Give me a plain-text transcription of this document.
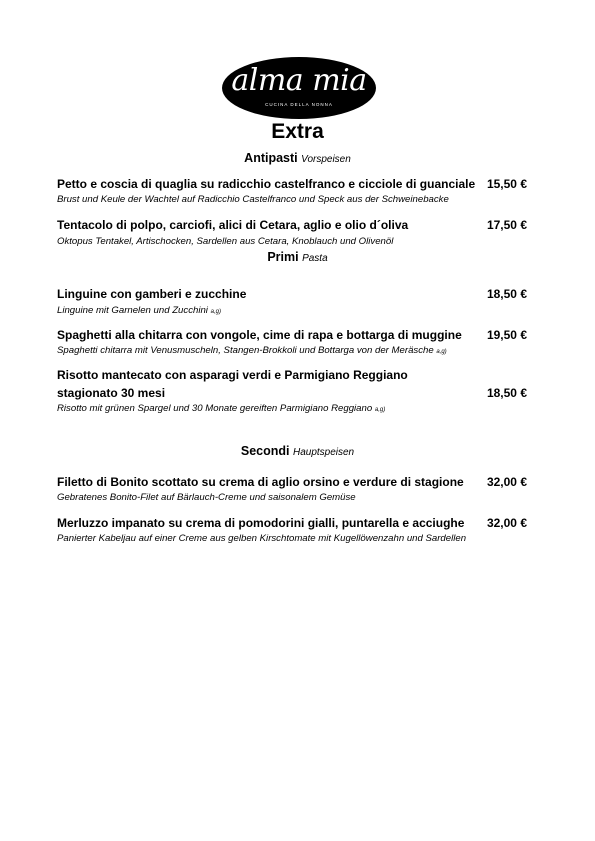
alma mia
CUCINA DELLA NONNA
Extra
Antipasti Vorspeisen
Petto e coscia di quaglia su radicchio castelfranco e cicciole di guanciale 15,50 €
Brust und Keule der Wachtel auf Radicchio Castelfranco und Speck aus der Schweinebacke
Tentacolo di polpo, carciofi, alici di Cetara, aglio e olio d´oliva	17,50 €
Oktopus Tentakel, Artischocken, Sardellen aus Cetara, Knoblauch und Olivenöl
Primi Pasta
Linguine con gamberi e zucchine	18,50 €
Linguine mit Garnelen und Zucchini a,g)
Spaghetti alla chitarra con vongole, cime di rapa e bottarga di muggine 19,50 €
Spaghetti chitarra mit Venusmuscheln, Stangen-Brokkoli und Bottarga von der Meräsche a,g)
Risotto mantecato con asparagi verdi e Parmigiano Reggiano
stagionato 30 mesi	18,50 €
Risotto mit grünen Spargel und 30 Monate gereiften Parmigiano Reggiano a,g)
Secondi Hauptspeisen
Filetto di Bonito scottato su crema di aglio orsino e verdure di stagione 32,00 €
Gebratenes Bonito-Filet auf Bärlauch-Creme und saisonalem Gemüse
Merluzzo impanato su crema di pomodorini gialli, puntarella e acciughe 32,00 €
Panierter Kabeljau auf einer Creme aus gelben Kirschtomate mit Kugellöwenzahn und Sardellen
